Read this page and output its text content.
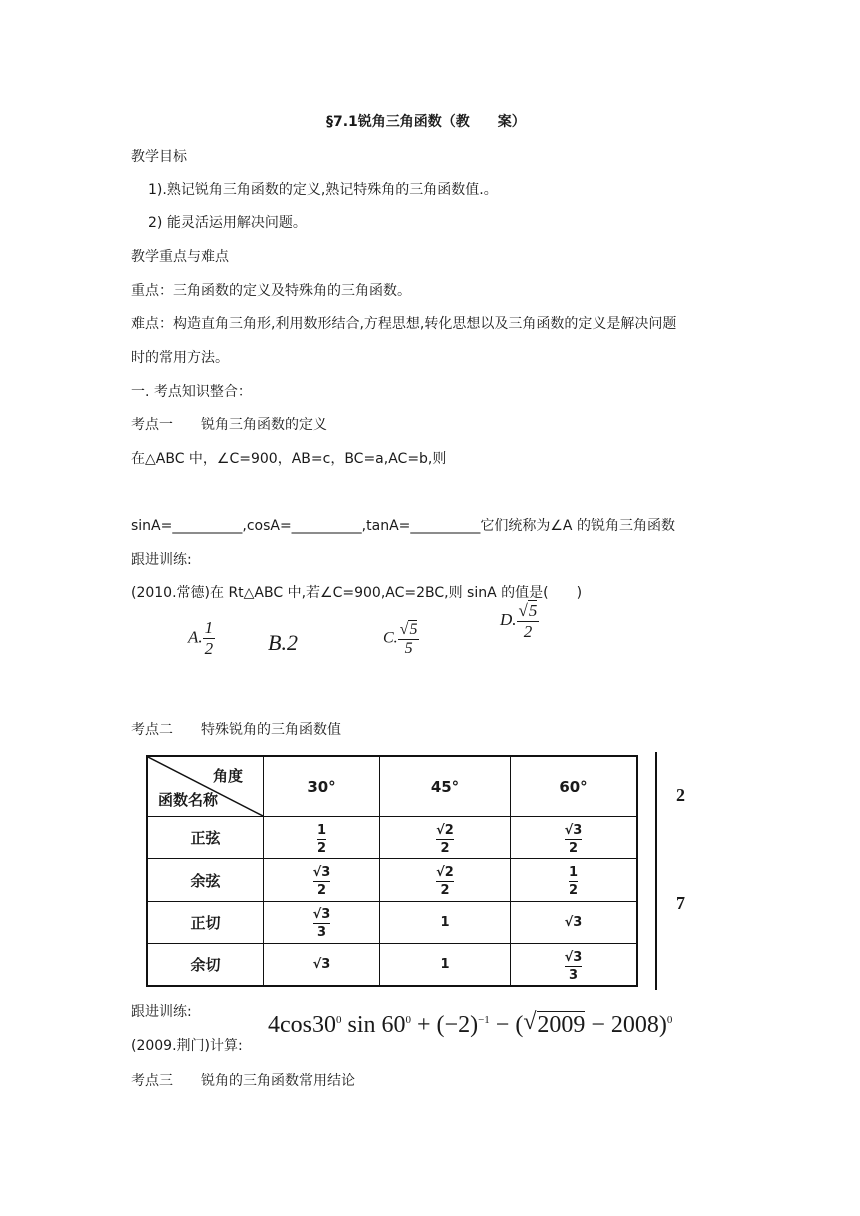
§7.1锐角三角函数（教　　案）
教学目标
1).熟记锐角三角函数的定义,熟记特殊角的三角函数值.。
2) 能灵活运用解决问题。
教学重点与难点
重点：三角函数的定义及特殊角的三角函数。
难点：构造直角三角形,利用数形结合,方程思想,转化思想以及三角函数的定义是解决问题
时的常用方法。
一. 考点知识整合：
考点一　　锐角三角函数的定义
在△ABC 中，∠C=900，AB=c，BC=a,AC=b,则
sinA=__________,cosA=__________,tanA=__________它们统称为∠A 的锐角三角函数
跟进训练:
(2010.常德)在 Rt△ABC 中,若∠C=900,AC=2BC,则 sinA 的值是(　　)
A. $\frac{1}{2} B.2$	C. $\frac{√ 5}{5}$
D. $\frac{√ 5}{2}$
考点二　　特殊锐角的三角函数值
角度
函数名称	30°	45°	60°
正弦	$\frac{1}{2}$	$\frac{√2}{2}$	$\frac{√3}{2}$

余弦	$\frac{√3}{2}$	$\frac{√2}{2}$	$\frac{1}{2}$

正切	$\frac{√3}{3}$	1	√3
余切	√3	1	$\frac{√3}{3}$
2
7
跟进训练:
(2009.荆门)计算:
$4\cos 30^0$ $\sin 60^0 + (-2)^{-1}$ − ( √ 2009 − 2008)$^0$
考点三　　锐角的三角函数常用结论
